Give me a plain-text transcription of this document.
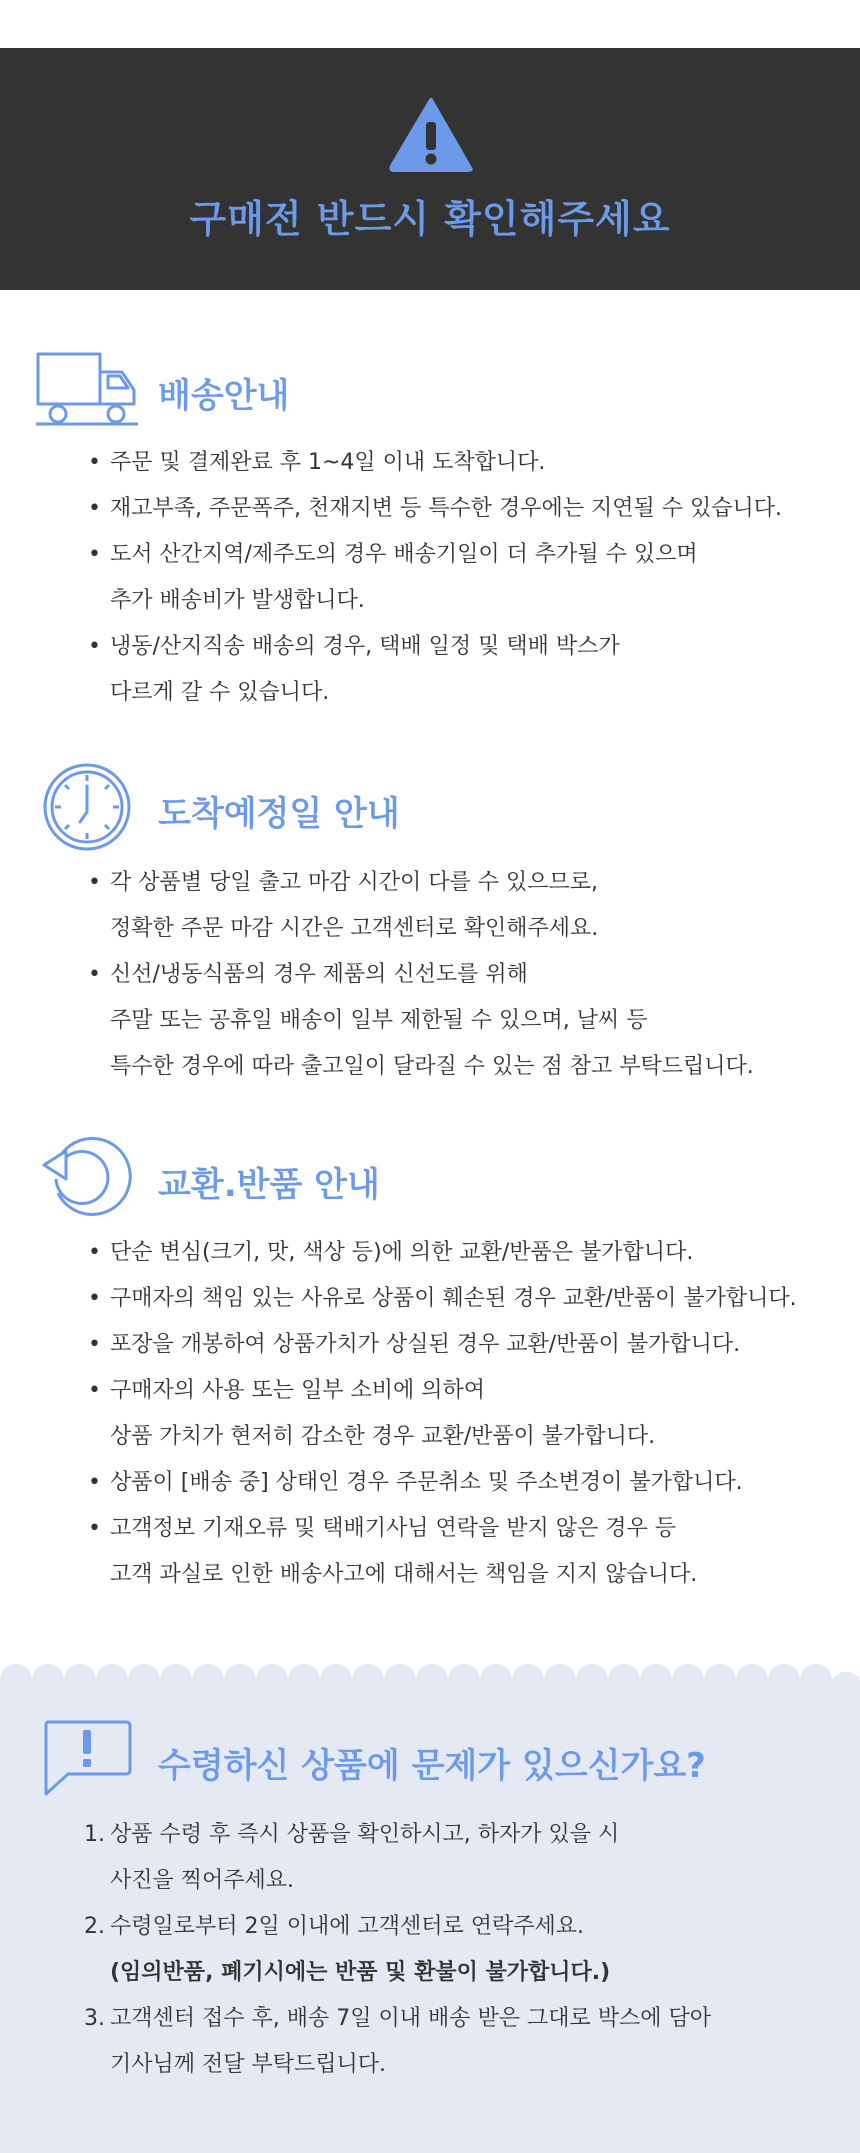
구매전 반드시 확인해주세요
배송안내
• 주문 및 결제완료 후 1~4일 이내 도착합니다.
• 재고부족, 주문폭주, 천재지변 등 특수한 경우에는 지연될 수 있습니다.
• 도서 산간지역/제주도의 경우 배송기일이 더 추가될 수 있으며
추가 배송비가 발생합니다.
• 냉동/산지직송 배송의 경우, 택배 일정 및 택배 박스가
다르게 갈 수 있습니다.
도착예정일 안내
• 각 상품별 당일 출고 마감 시간이 다를 수 있으므로,
정확한 주문 마감 시간은 고객센터로 확인해주세요.
• 신선/냉동식품의 경우 제품의 신선도를 위해
주말 또는 공휴일 배송이 일부 제한될 수 있으며, 날씨 등
특수한 경우에 따라 출고일이 달라질 수 있는 점 참고 부탁드립니다.
교환.반품 안내
• 단순 변심(크기, 맛, 색상 등)에 의한 교환/반품은 불가합니다.
• 구매자의 책임 있는 사유로 상품이 훼손된 경우 교환/반품이 불가합니다.
• 포장을 개봉하여 상품가치가 상실된 경우 교환/반품이 불가합니다.
• 구매자의 사용 또는 일부 소비에 의하여
상품 가치가 현저히 감소한 경우 교환/반품이 불가합니다.
• 상품이 [배송 중] 상태인 경우 주문취소 및 주소변경이 불가합니다.
• 고객정보 기재오류 및 택배기사님 연락을 받지 않은 경우 등
고객 과실로 인한 배송사고에 대해서는 책임을 지지 않습니다.
수령하신 상품에 문제가 있으신가요?
1. 상품 수령 후 즉시 상품을 확인하시고, 하자가 있을 시
사진을 찍어주세요.
2. 수령일로부터 2일 이내에 고객센터로 연락주세요.
(임의반품, 폐기시에는 반품 및 환불이 불가합니다.)
3. 고객센터 접수 후, 배송 7일 이내 배송 받은 그대로 박스에 담아
기사님께 전달 부탁드립니다.
